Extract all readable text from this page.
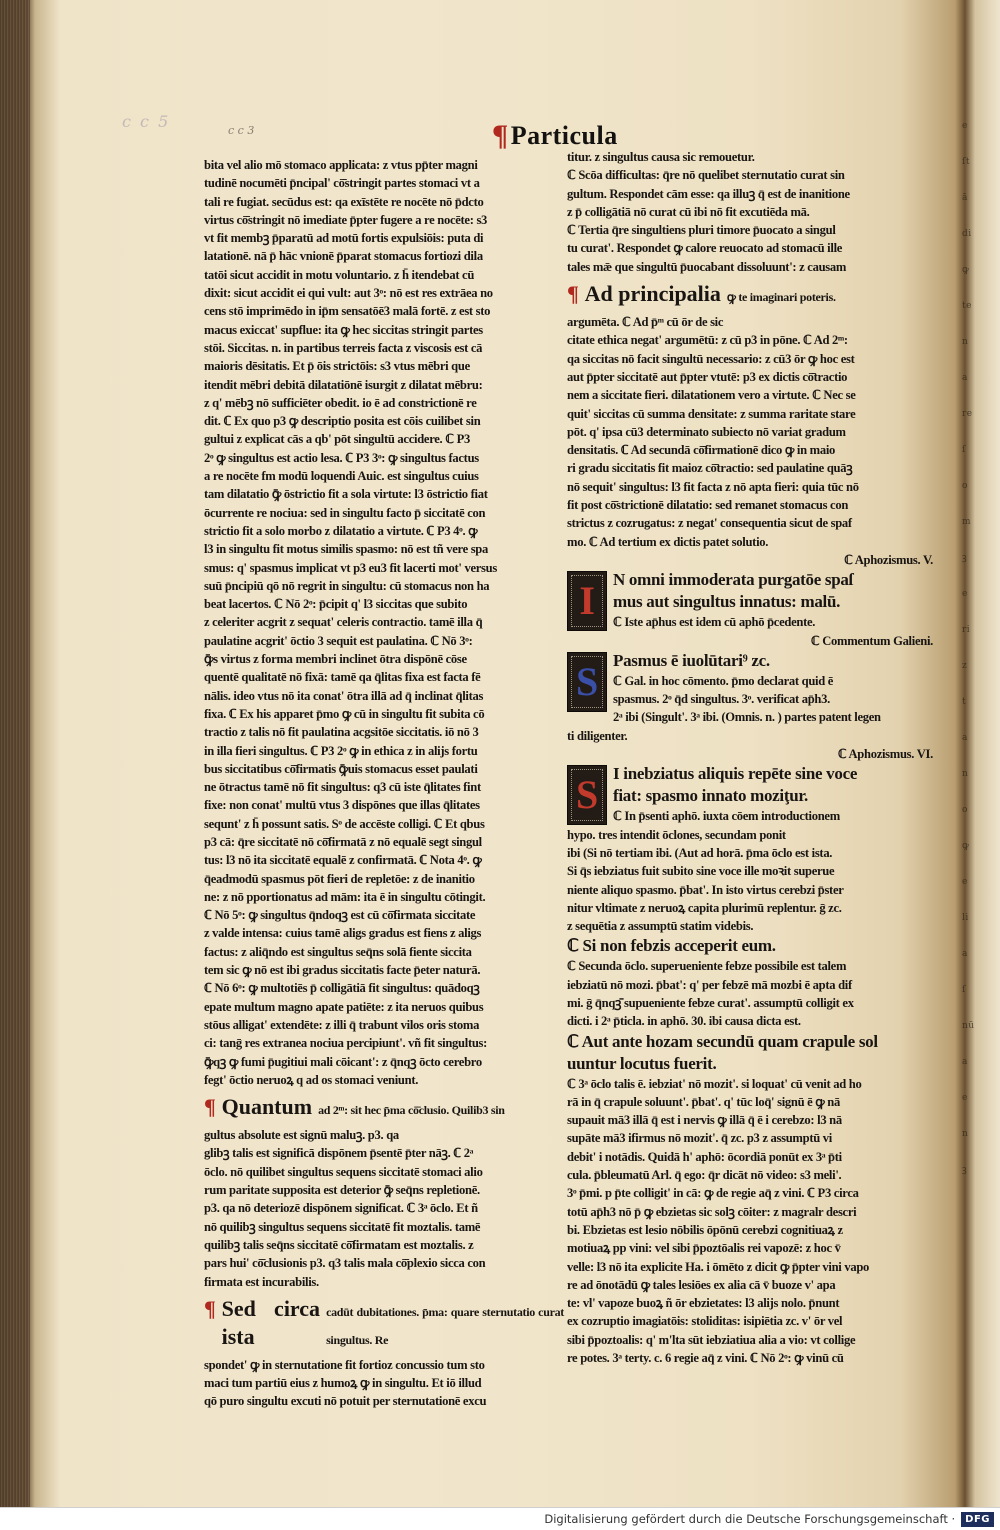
c c 5	c c 3	¶ Particula

bita vel alio mō stomaco applicata: z vtus pp̄ter magni

tudinē nocumēti p̄ncipal' cō̄stringit partes stomaci vt a

tali re fugiat. secūdus est: qa exīstēte re nocēte nō p̄dcto

virtus cō̄stringit nō imediate p̄pter fugere a re nocēte: s3

vt fit membꝫ p̄paratū ad motū fortis expulsiōis: puta di

latationē. nā p̄ hāc vnionē p̄parat stomacus fortiozi dila

tatōi sicut accidit in motu voluntario. z h̄ itendebat cū

dixit: sicut accidit ei qui vult: aut 3ᵒ: nō est res extrāea no

cens stō imprimēdo in ip̄m sensatōē3 malā fortē. z est sto

macus exiccat' supflue: ita ꝙ hec siccitas stringit partes

stōi. Siccitas. n. in partibus terreis facta z viscosis est cā

maioris dēsitatis. Et p̄ ōis strictōis: s3 vtus mēbri que

itendit mēbri debitā dilatatiōnē isurgit z dilatat mēbru:

z q' mēbꝫ nō sufficiēter obedit. io ē ad constrictionē re

dit. ℂ Ex quo p3 ꝙ descriptio posita est cōis cuilibet sin

gultui z explicat cās a qb' pōt singultū accidere. ℂ P3

2ᵒ ꝙ singultus est actio lesa. ℂ P3 3ᵒ: ꝙ singultus factus

a re nocēte fm modū loquendi Auic. est singultus cuius

tam dilatatio ꝙ̄ ōstrictio fit a sola virtute: l3 ōstrictio fiat

ōcurrente re nociua: sed in singultu facto p̄ siccitatē con

strictio fit a solo morbo z dilatatio a virtute. ℂ P3 4ᵒ. ꝙ

l3 in singultu fit motus similis spasmo: nō est tñ vere spa

smus: q' spasmus implicat vt p3 eu3 fit lacerti mot' versus

suū p̄ncipiū qō nō regrit in singultu: cū stomacus non ha

beat lacertos. ℂ Nō 2ᵒ: p̄cipit q' l3 siccitas que subito

z celeriter acgrit z sequat' celeris contractio. tamē illa q̄

paulatine acgrit' ōctio 3 sequit est paulatina. ℂ Nō 3ᵒ:

ꝙ̄s virtus z forma membri inclinet ōtra dispōnē cōse

quentē qualitatē nō fixā: tamē qa q̄litas fixa est facta fē

nālis. ideo vtus nō ita conat' ōtra illā ad q̄ inclinat q̄litas

fixa. ℂ Ex his apparet p̄mo ꝙ cū in singultu fit subita cō

tractio z talis nō fit paulatina acgsitōe siccitatis. iō nō 3

in illa fieri singultus. ℂ P3 2ᵒ ꝙ in ethica z in alijs fortu

bus siccitatibus cō̄firmatis ꝙ̄uis stomacus esset paulati

ne ōtractus tamē nō fit singultus: q3 cū iste q̄litates fint

fixe: non conat' multū vtus 3 dispōnes que illas q̄litates

sequnt' z h̄ possunt satis. Sᵒ de accēste colligi. ℂ Et qbus

p3 cā: q̄re siccitatē nō cō̄firmatā z nō equalē segt singul

tus: l3 nō ita siccitatē equalē z confirmatā. ℂ Nota 4ᵒ. ꝙ

q̄eadmodū spasmus pōt fieri de repletōe: z de inanitio

ne: z nō pportionatus ad mām: ita ē in singultu cōtingit.

ℂ Nō 5ᵒ: ꝙ singultus q̄ndoqꝫ est cū cō̄firmata siccitate

z valde intensa: cuius tamē aligs gradus est fiens z aligs

factus: z aliq̄ndo est singultus seq̄ns solā fiente siccita

tem sic ꝙ nō est ibi gradus siccitatis facte p̄eter naturā.

ℂ Nō 6ᵒ: ꝙ multotiēs p̄ colligātiā fit singultus: quādoqꝫ

epate multum magno apate patiēte: z ita neruos quibus

stōus alligat' extendēte: z illi q̄ trabunt vilos oris stoma

ci: tanḡ res extranea nociua percipiunt'. vñ fit singultus:

ꝙ̄qꝫ ꝙ fumi p̄ugitiui mali cōicant': z q̄nqꝫ ōcto cerebro

fegt' ōctio neruoꝝ q ad os stomaci veniunt.

¶ Quantum ad 2ᵐ: sit hec p̄ma cō̄clusio. Quilib3 sin

gultus absolute est signū maluꝫ. p3. qa

glibꝫ talis est significā dispōnem p̄sentē p̄ter nāꝫ. ℂ 2ᵃ

ōclo. nō quilibet singultus sequens siccitatē stomaci alio

rum paritate supposita est deterior ꝙ̄ seq̄ns repletionē.

p3. qa nō deteriozē dispōnem significat. ℂ 3ᵃ ōclo. Et ñ

nō quilibꝫ singultus sequens siccitatē fit moztalis. tamē

quilibꝫ talis seq̄ns siccitatē cō̄firmatam est moztalis. z

pars hui' cō̄clusionis p3. q3 talis mala cō̄plexio sicca con

firmata est incurabilis.

¶ Sed circa ista
cadūt dubitationes. p̄ma: quare sternutatio curat singultus. Re

spondet' ꝙ in sternutatione fit fortioz concussio tum sto

maci tum partiū eius z humoꝝ ꝙ in singultu. Et iō illud

qō puro singultu excuti nō potuit per sternutationē excu

titur. z singultus causa sic remouetur.

ℂ Scōa difficultas: q̄re nō quelibet sternutatio curat sin

gultum. Respondet cām esse: qa illuꝫ q̄ est de inanitione

z p̄ colligātiā nō curat cū ibi nō fit excutiēda mā.

ℂ Tertia q̄re singultiens pluri timore p̄uocato a singul

tu curat'. Respondet ꝙ calore reuocato ad stomacū ille

tales mǣ que singultū p̄uocabant dissoluunt': z causam

¶ Ad principalia ꝙ te imaginari poteris.

argumēta. ℂ Ad p̄ᵐ cū ōr de sic

citate ethica negat' argumētū: z cū p3 in pōne. ℂ Ad 2ᵐ:

qa siccitas nō facit singultū necessario: z cū3 ōr ꝙ hoc est

aut p̄pter siccitatē aut p̄pter vtutē: p3 ex dictis cō̄tractio

nem a siccitate fieri. dilatationem vero a virtute. ℂ Nec se

quit' siccitas cū summa densitate: z summa raritate stare

pōt. q' ipsa cū3 determinato subiecto nō variat gradum

densitatis. ℂ Ad secundā cō̄firmationē dico ꝙ in maio

ri gradu siccitatis fit maioz cō̄tractio: sed paulatine quāꝫ

nō sequit' singultus: l3 fit facta z nō apta fieri: quia tūc nō

fit post cō̄strictionē dilatatio: sed remanet stomacus con

strictus z cozrugatus: z negat' consequentia sicut de spaf

mo. ℂ Ad tertium ex dictis patet solutio.

ℂ Aphozismus. V.

I	N omni immoderata purgatōe spaſ

mus aut singultus innatus: malū.

ℂ Iste ap̄hus est idem cū aphō p̄cedente.

ℂ Commentum Galieni.

S Pasmus ē iuolūtari⁹ zc.

ℂ Gal. in hoc cōmento. p̄mo declarat quid ē

spasmus. 2ᵒ q̄d singultus. 3ᵒ. verificat ap̄h3.

2ᵃ ibi (Singult'. 3ᵃ ibi. (Omnis. n. ) partes patent legen

ti diligenter.

ℂ Aphozismus. VI.

S I inebziatus aliquis repēte sine voce

fiat: spasmo innato moziţur.

ℂ In p̄senti aphō. iuxta cōem introductionem

hypo. tres intendit ōclones, secundam ponit

ibi (Si nō tertiam ibi. (Aut ad horā. p̄ma ōclo est ista.

Si q̄s iebziatus fuit subito sine voce ille moꝛit superue

niente aliquo spasmo. p̄bat'. In isto virtus cerebzi p̄ster

nitur vltimate z neruoꝝ capita plurimū replentur. ḡ zc.

z sequētia z assumptū statim videbis.

ℂ Si non febzis acceperit eum.

ℂ Secunda ōclo. superueniente febze possibile est talem

iebziatū nō mozi. p̄bat': q' per febzē mā mozbi ē apta dif

mi. ḡ q̄nqꝫ̄ supueniente febze curat'. assumptū colligit ex

dicti. i 2ᵃ p̄ticla. in aphō. 30. ibi causa dicta est.

ℂ Aut ante hozam secundū quam crapule sol

uuntur locutus fuerit.

ℂ 3ᵃ ōclo talis ē. iebziat' nō mozit'. si loquat' cū venit ad ho

rā in q̄ crapule soluunt'. p̄bat'. q' tūc loq̄' signū ē ꝙ nā

supauit mā3 illā q̄ est i nervis ꝙ illā q̄ ē i cerebzo: l3 nā

supāte mā3 ifirmus nō mozit'. q̄ zc. p3 z assumptū vi

debit' i notādis. Quidā h' aphō: ōcordiā ponūt ex 3ᵃ p̄ti

cula. p̄bleumatū Arl. q̄ ego: q̄r dicāt nō video: s3 meli'.

3ᵒ p̄mi. p p̄te colligit' in cā: ꝙ de regie aq̄ z vini. ℂ P3 circa

totū ap̄h3 nō p̄ ꝙ ebzietas sic solꝫ cōiter: z magralr descri

bi. Ebzietas est lesio nōbilis ōpōnū cerebzi cognitiuaꝝ z

motiuaꝝ pp vini: vel sibi p̄poztōalis rei vapozē: z hoc v̄

velle: l3 nō ita explicite Ha. i ōmēto z dicit ꝙ p̄pter vini vapo

re ad ōnotādū ꝙ tales lesiōes ex alia cā v̄ buoze v' apa

te: vl' vapoze buoꝝ ñ ōr ebzietates: l3 alijs nolo. p̄nunt

ex cozruptio imagiatōis: stoliditas: isipiētia zc. v' ōr vel

sibi p̄poztoalis: q' m'lta sūt iebziatiua alia a vio: vt collige

re potes. 3ᵃ terty. c. 6 regie aq̄ z vini. ℂ Nō 2ᵒ: ꝙ vinū cū

e
ſt
ā
di
ꝙ
te
n
a
re
ſ
o
m
ꝫ
e
ri
z
t
a
n
o
ꝙ
e
li
a
ſ
nū
a
e
n
ꝫ
Digitalisierung gefördert durch die Deutsche Forschungsgemeinschaft ·	DFG
